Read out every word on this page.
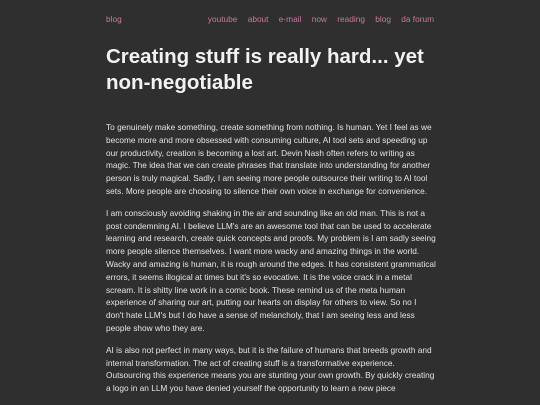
blog	youtube about e-mail now reading blog da forum
Creating stuff is really hard... yet non-negotiable

To genuinely make something, create something from nothing. Is human. Yet I feel as we become more and more obsessed with consuming culture, AI tool sets and speeding up our productivity, creation is becoming a lost art. Devin Nash often refers to writing as magic. The idea that we can create phrases that translate into understanding for another person is truly magical. Sadly, I am seeing more people outsource their writing to AI tool sets. More people are choosing to silence their own voice in exchange for convenience.

I am consciously avoiding shaking in the air and sounding like an old man. This is not a post condemning AI. I believe LLM's are an awesome tool that can be used to accelerate learning and research, create quick concepts and proofs. My problem is I am sadly seeing more people silence themselves. I want more wacky and amazing things in the world. Wacky and amazing is human, it is rough around the edges. It has consistent grammatical errors, it seems illogical at times but it's so evocative. It is the voice crack in a metal scream. It is shitty line work in a comic book. These remind us of the meta human experience of sharing our art, putting our hearts on display for others to view. So no I don't hate LLM's but I do have a sense of melancholy, that I am seeing less and less people show who they are.

AI is also not perfect in many ways, but it is the failure of humans that breeds growth and internal transformation. The act of creating stuff is a transformative experience. Outsourcing this experience means you are stunting your own growth. By quickly creating a logo in an LLM you have denied yourself the opportunity to learn a new piece
